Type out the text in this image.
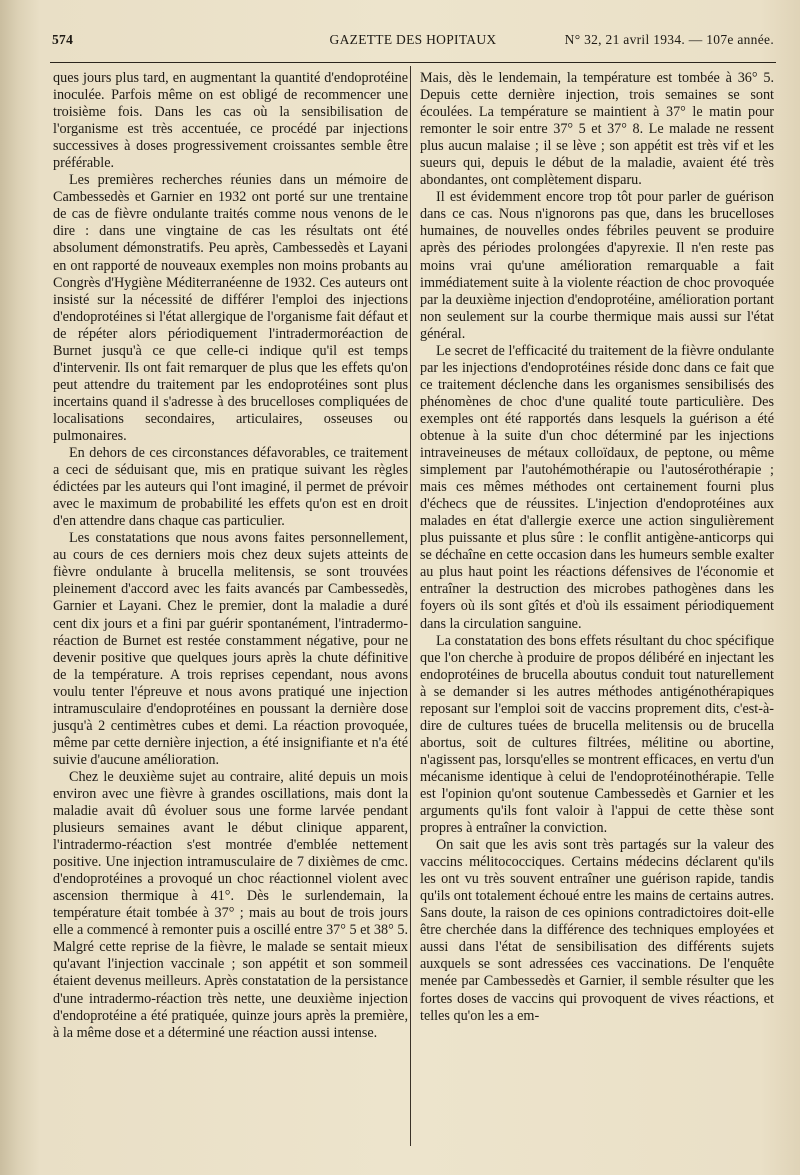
574	GAZETTE DES HOPITAUX	N° 32, 21 avril 1934. — 107e année.

ques jours plus tard, en augmentant la quantité d'endoprotéine inoculée. Parfois même on est obligé de recommencer une troisième fois. Dans les cas où la sensibilisation de l'organisme est très accentuée, ce procédé par injections successives à doses progressivement croissantes semble être préférable.

Les premières recherches réunies dans un mémoire de Cambessedès et Garnier en 1932 ont porté sur une trentaine de cas de fièvre ondulante traités comme nous venons de le dire : dans une vingtaine de cas les résultats ont été absolument démonstratifs. Peu après, Cambessedès et Layani en ont rapporté de nouveaux exemples non moins probants au Congrès d'Hygiène Méditerranéenne de 1932. Ces auteurs ont insisté sur la nécessité de différer l'emploi des injections d'endoprotéines si l'état allergique de l'organisme fait défaut et de répéter alors périodiquement l'intradermoréaction de Burnet jusqu'à ce que celle-ci indique qu'il est temps d'intervenir. Ils ont fait remarquer de plus que les effets qu'on peut attendre du traitement par les endoprotéines sont plus incertains quand il s'adresse à des brucelloses compliquées de localisations secondaires, articulaires, osseuses ou pulmonaires.

En dehors de ces circonstances défavorables, ce traitement a ceci de séduisant que, mis en pratique suivant les règles édictées par les auteurs qui l'ont imaginé, il permet de prévoir avec le maximum de probabilité les effets qu'on est en droit d'en attendre dans chaque cas particulier.

Les constatations que nous avons faites personnellement, au cours de ces derniers mois chez deux sujets atteints de fièvre ondulante à brucella melitensis, se sont trouvées pleinement d'accord avec les faits avancés par Cambessedès, Garnier et Layani. Chez le premier, dont la maladie a duré cent dix jours et a fini par guérir spontanément, l'intradermo-réaction de Burnet est restée constamment négative, pour ne devenir positive que quelques jours après la chute définitive de la température. A trois reprises cependant, nous avons voulu tenter l'épreuve et nous avons pratiqué une injection intramusculaire d'endoprotéines en poussant la dernière dose jusqu'à 2 centimètres cubes et demi. La réaction provoquée, même par cette dernière injection, a été insignifiante et n'a été suivie d'aucune amélioration.

Chez le deuxième sujet au contraire, alité depuis un mois environ avec une fièvre à grandes oscillations, mais dont la maladie avait dû évoluer sous une forme larvée pendant plusieurs semaines avant le début clinique apparent, l'intradermo-réaction s'est montrée d'emblée nettement positive. Une injection intramusculaire de 7 dixièmes de cmc. d'endoprotéines a provoqué un choc réactionnel violent avec ascension thermique à 41°. Dès le surlendemain, la température était tombée à 37° ; mais au bout de trois jours elle a commencé à remonter puis a oscillé entre 37° 5 et 38° 5. Malgré cette reprise de la fièvre, le malade se sentait mieux qu'avant l'injection vaccinale ; son appétit et son sommeil étaient devenus meilleurs. Après constatation de la persistance d'une intradermo-réaction très nette, une deuxième injection d'endoprotéine a été pratiquée, quinze jours après la première, à la même dose et a déterminé une réaction aussi intense.

Mais, dès le lendemain, la température est tombée à 36° 5. Depuis cette dernière injection, trois semaines se sont écoulées. La température se maintient à 37° le matin pour remonter le soir entre 37° 5 et 37° 8. Le malade ne ressent plus aucun malaise ; il se lève ; son appétit est très vif et les sueurs qui, depuis le début de la maladie, avaient été très abondantes, ont complètement disparu.

Il est évidemment encore trop tôt pour parler de guérison dans ce cas. Nous n'ignorons pas que, dans les brucelloses humaines, de nouvelles ondes fébriles peuvent se produire après des périodes prolongées d'apyrexie. Il n'en reste pas moins vrai qu'une amélioration remarquable a fait immédiatement suite à la violente réaction de choc provoquée par la deuxième injection d'endoprotéine, amélioration portant non seulement sur la courbe thermique mais aussi sur l'état général.

Le secret de l'efficacité du traitement de la fièvre ondulante par les injections d'endoprotéines réside donc dans ce fait que ce traitement déclenche dans les organismes sensibilisés des phénomènes de choc d'une qualité toute particulière. Des exemples ont été rapportés dans lesquels la guérison a été obtenue à la suite d'un choc déterminé par les injections intraveineuses de métaux colloïdaux, de peptone, ou même simplement par l'autohémothérapie ou l'autosérothérapie ; mais ces mêmes méthodes ont certainement fourni plus d'échecs que de réussites. L'injection d'endoprotéines aux malades en état d'allergie exerce une action singulièrement plus puissante et plus sûre : le conflit antigène-anticorps qui se déchaîne en cette occasion dans les humeurs semble exalter au plus haut point les réactions défensives de l'économie et entraîner la destruction des microbes pathogènes dans les foyers où ils sont gîtés et d'où ils essaiment périodiquement dans la circulation sanguine.

La constatation des bons effets résultant du choc spécifique que l'on cherche à produire de propos délibéré en injectant les endoprotéines de brucella aboutus conduit tout naturellement à se demander si les autres méthodes antigénothérapiques reposant sur l'emploi soit de vaccins proprement dits, c'est-à-dire de cultures tuées de brucella melitensis ou de brucella abortus, soit de cultures filtrées, mélitine ou abortine, n'agissent pas, lorsqu'elles se montrent efficaces, en vertu d'un mécanisme identique à celui de l'endoprotéinothérapie. Telle est l'opinion qu'ont soutenue Cambessedès et Garnier et les arguments qu'ils font valoir à l'appui de cette thèse sont propres à entraîner la conviction.

On sait que les avis sont très partagés sur la valeur des vaccins mélitococciques. Certains médecins déclarent qu'ils les ont vu très souvent entraîner une guérison rapide, tandis qu'ils ont totalement échoué entre les mains de certains autres. Sans doute, la raison de ces opinions contradictoires doit-elle être cherchée dans la différence des techniques employées et aussi dans l'état de sensibilisation des différents sujets auxquels se sont adressées ces vaccinations. De l'enquête menée par Cambessedès et Garnier, il semble résulter que les fortes doses de vaccins qui provoquent de vives réactions, et telles qu'on les a em-
